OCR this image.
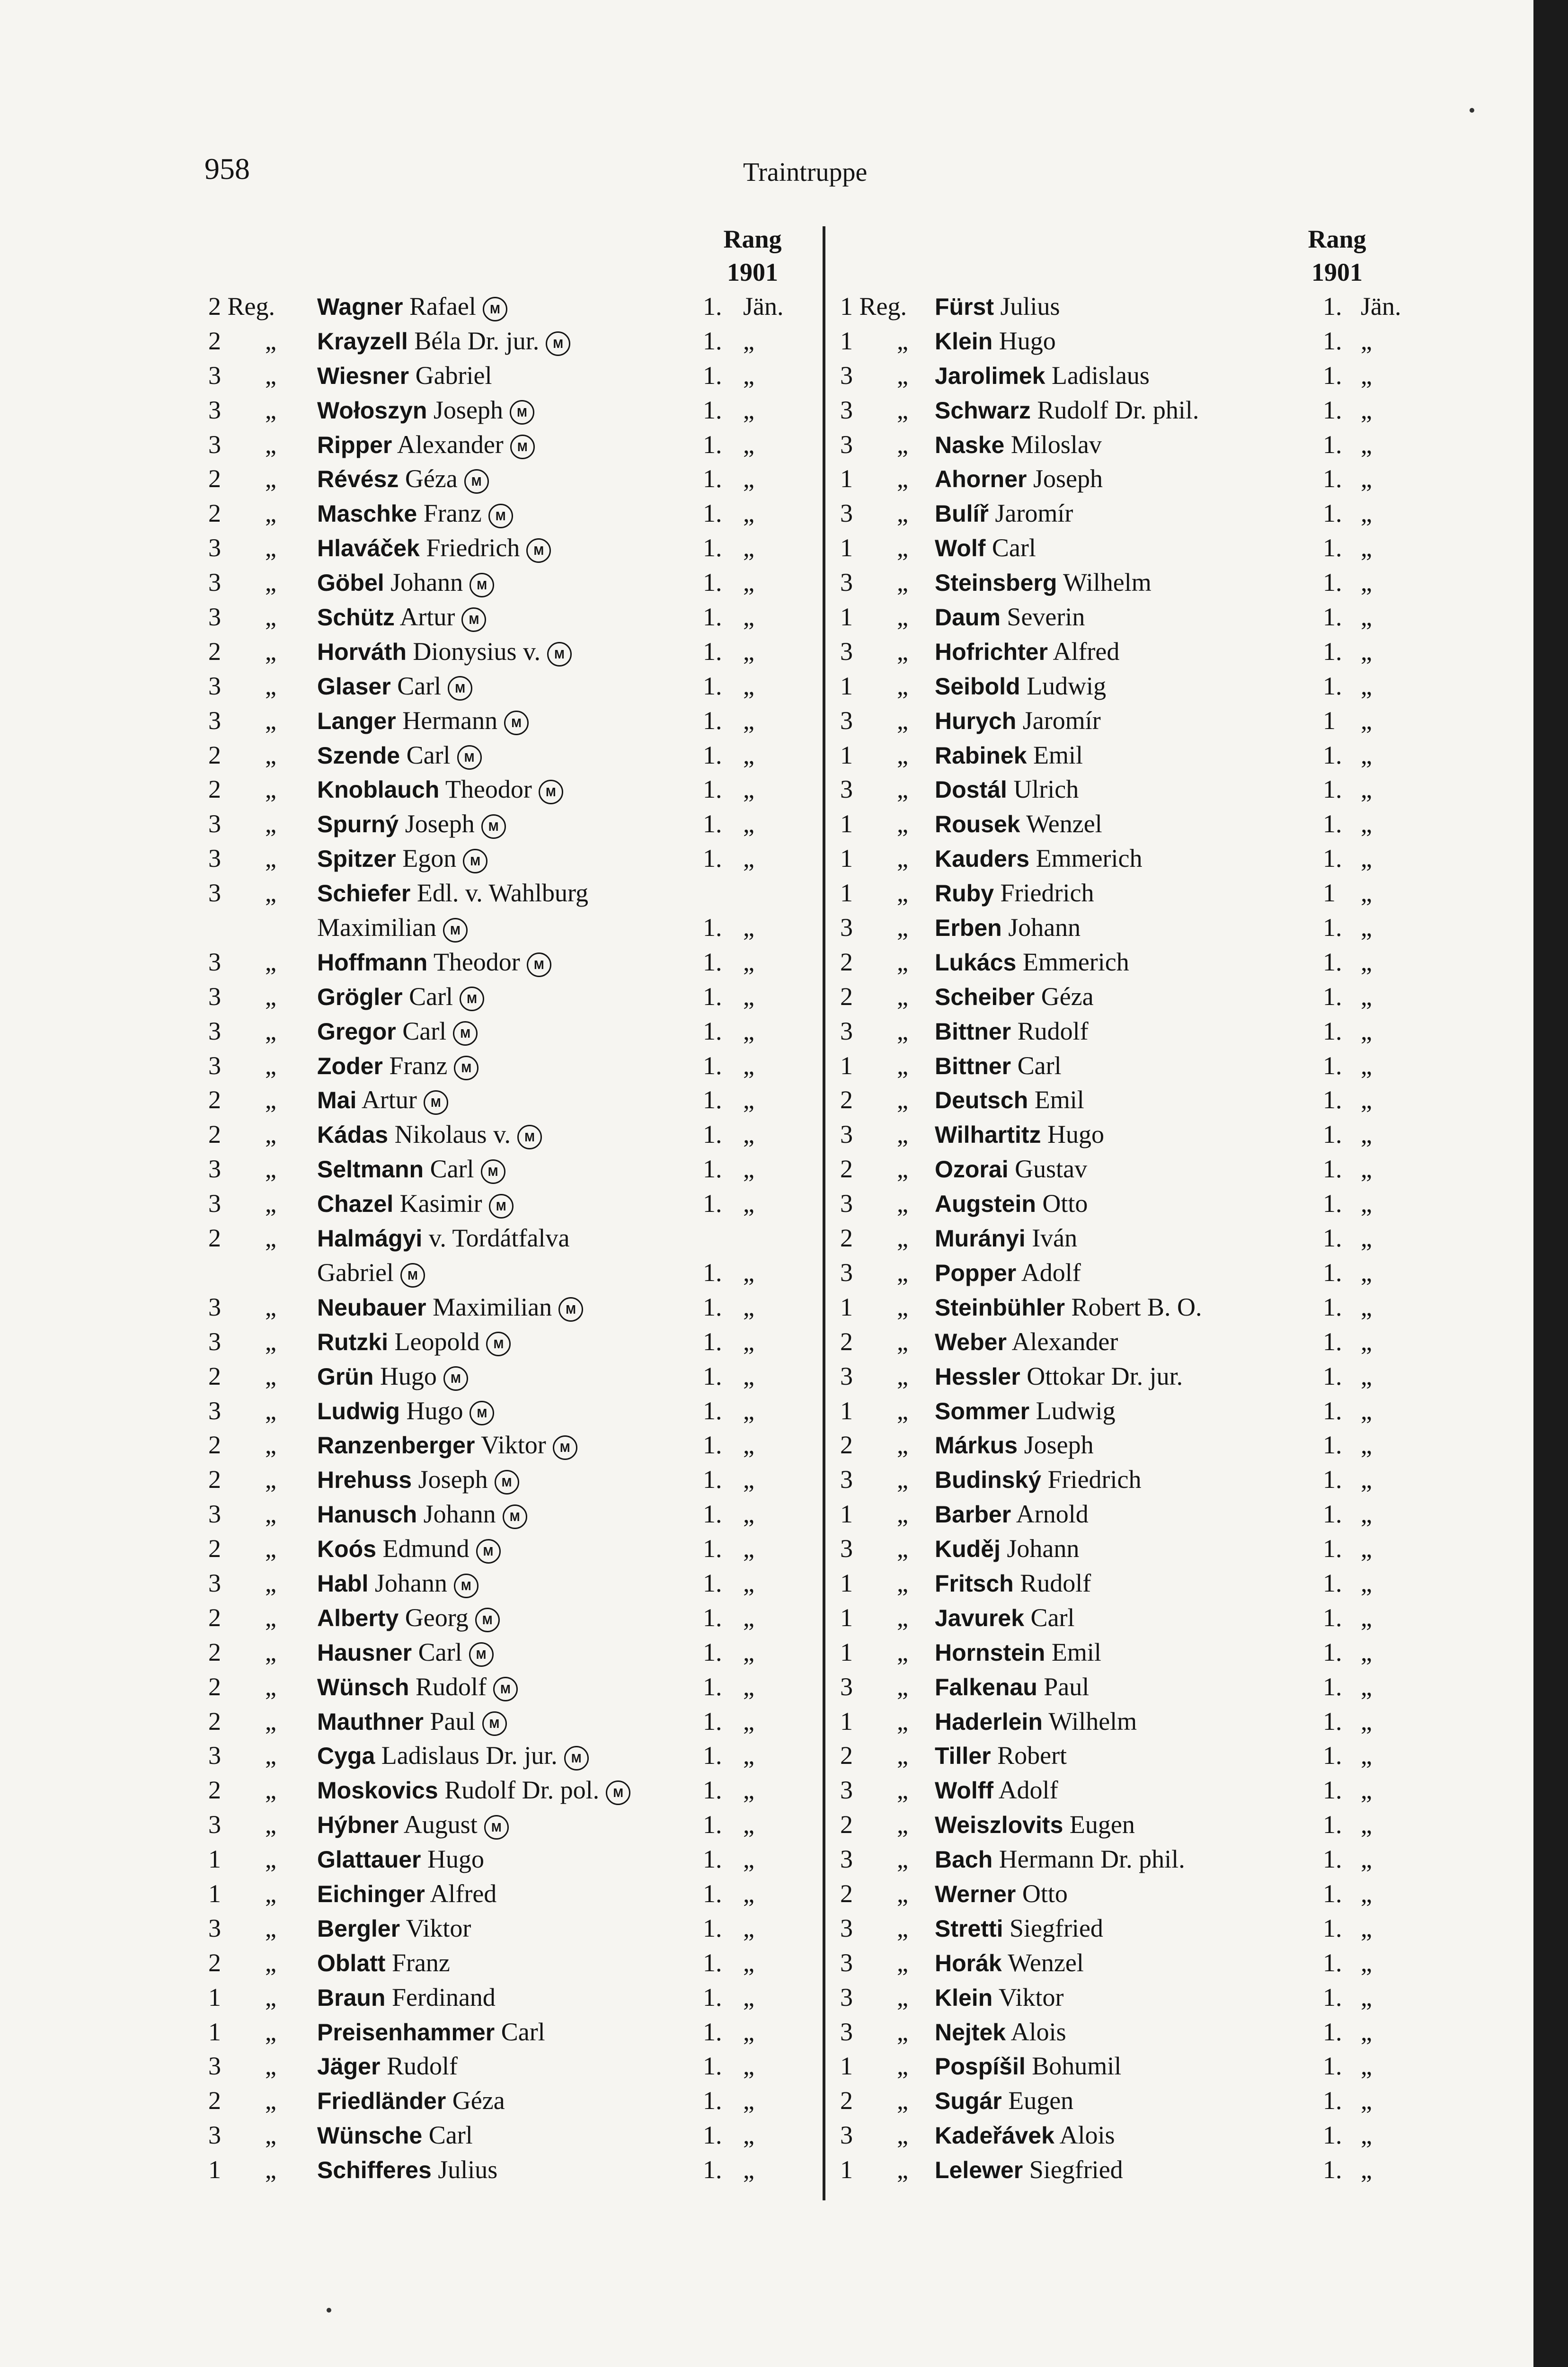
958	Traintruppe
Rang
1901
2 Reg. Wagner Rafael M	1. Jän.
2 „ Krayzell Béla Dr. jur. M	1. „
3 „ Wiesner Gabriel	1. „
3 „ Wołoszyn Joseph M	1. „
3 „ Ripper Alexander M	1. „
2 „ Révész Géza M	1. „
2 „ Maschke Franz M	1. „
3 „ Hlaváček Friedrich M	1. „
3 „ Göbel Johann M	1. „
3 „ Schütz Artur M	1. „
2 „ Horváth Dionysius v. M	1. „
3 „ Glaser Carl M	1. „
3 „ Langer Hermann M	1. „
2 „ Szende Carl M	1. „
2 „ Knoblauch Theodor M	1. „
3 „ Spurný Joseph M	1. „
3 „ Spitzer Egon M	1. „
3 „ Schiefer Edl. v. Wahlburg
Maximilian M	1. „
3 „ Hoffmann Theodor M	1. „
3 „ Grögler Carl M	1. „
3 „ Gregor Carl M	1. „
3 „ Zoder Franz M	1. „
2 „ Mai Artur M	1. „
2 „ Kádas Nikolaus v. M	1. „
3 „ Seltmann Carl M	1. „
3 „ Chazel Kasimir M	1. „
2 „ Halmágyi v. Tordátfalva
Gabriel M	1. „
3 „ Neubauer Maximilian M	1. „
3 „ Rutzki Leopold M	1. „
2 „ Grün Hugo M	1. „
3 „ Ludwig Hugo M	1. „
2 „ Ranzenberger Viktor M	1. „
2 „ Hrehuss Joseph M	1. „
3 „ Hanusch Johann M	1. „
2 „ Koós Edmund M	1. „
3 „ Habl Johann M	1. „
2 „ Alberty Georg M	1. „
2 „ Hausner Carl M	1. „
2 „ Wünsch Rudolf M	1. „
2 „ Mauthner Paul M	1. „
3 „ Cyga Ladislaus Dr. jur. M	1. „
2 „ Moskovics Rudolf Dr. pol. M	1. „
3 „ Hýbner August M	1. „
1 „ Glattauer Hugo	1. „
1 „ Eichinger Alfred	1. „
3 „ Bergler Viktor	1. „
2 „ Oblatt Franz	1. „
1 „ Braun Ferdinand	1. „
1 „ Preisenhammer Carl	1. „
3 „ Jäger Rudolf	1. „
2 „ Friedländer Géza	1. „
3 „ Wünsche Carl	1. „
1 „ Schifferes Julius	1. „
Rang
1901
1 Reg. Fürst Julius	1. Jän.
1 „ Klein Hugo	1. „
3 „ Jarolimek Ladislaus	1. „
3 „ Schwarz Rudolf Dr. phil.	1. „
3 „ Naske Miloslav	1. „
1 „ Ahorner Joseph	1. „
3 „ Bulíř Jaromír	1. „
1 „ Wolf Carl	1. „
3 „ Steinsberg Wilhelm	1. „
1 „ Daum Severin	1. „
3 „ Hofrichter Alfred	1. „
1 „ Seibold Ludwig	1. „
3 „ Hurych Jaromír	1 „
1 „ Rabinek Emil	1. „
3 „ Dostál Ulrich	1. „
1 „ Rousek Wenzel	1. „
1 „ Kauders Emmerich	1. „
1 „ Ruby Friedrich	1 „
3 „ Erben Johann	1. „
2 „ Lukács Emmerich	1. „
2 „ Scheiber Géza	1. „
3 „ Bittner Rudolf	1. „
1 „ Bittner Carl	1. „
2 „ Deutsch Emil	1. „
3 „ Wilhartitz Hugo	1. „
2 „ Ozorai Gustav	1. „
3 „ Augstein Otto	1. „
2 „ Murányi Iván	1. „
3 „ Popper Adolf	1. „
1 „ Steinbühler Robert B. O.	1. „
2 „ Weber Alexander	1. „
3 „ Hessler Ottokar Dr. jur.	1. „
1 „ Sommer Ludwig	1. „
2 „ Márkus Joseph	1. „
3 „ Budinský Friedrich	1. „
1 „ Barber Arnold	1. „
3 „ Kuděj Johann	1. „
1 „ Fritsch Rudolf	1. „
1 „ Javurek Carl	1. „
1 „ Hornstein Emil	1. „
3 „ Falkenau Paul	1. „
1 „ Haderlein Wilhelm	1. „
2 „ Tiller Robert	1. „
3 „ Wolff Adolf	1. „
2 „ Weiszlovits Eugen	1. „
3 „ Bach Hermann Dr. phil.	1. „
2 „ Werner Otto	1. „
3 „ Stretti Siegfried	1. „
3 „ Horák Wenzel	1. „
3 „ Klein Viktor	1. „
3 „ Nejtek Alois	1. „
1 „ Pospíšil Bohumil	1. „
2 „ Sugár Eugen	1. „
3 „ Kadeřávek Alois	1. „
1 „ Lelewer Siegfried	1. „
